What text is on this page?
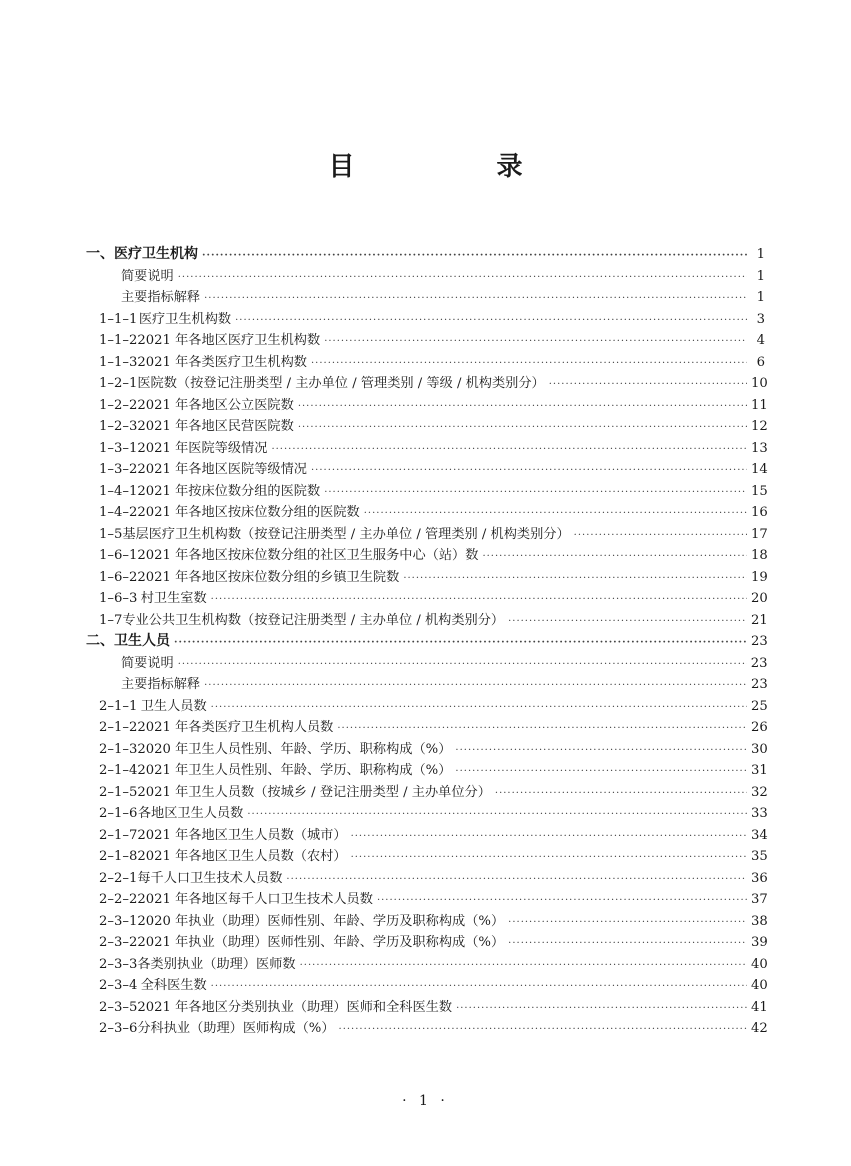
目　录
一、医疗卫生机构 ·····	1
简要说明 ·····	1
主要指标解释 ·····	1
1–1–1 医疗卫生机构数 ·····	3
1–1–2 2021 年各地区医疗卫生机构数 ·····	4
1–1–3 2021 年各类医疗卫生机构数 ·····	6
1–2–1 医院数（按登记注册类型 / 主办单位 / 管理类别 / 等级 / 机构类别分） ·····	10
1–2–2 2021 年各地区公立医院数 ·····	11
1–2–3 2021 年各地区民营医院数 ·····	12
1–3–1 2021 年医院等级情况 ·····	13
1–3–2 2021 年各地区医院等级情况 ·····	14
1–4–1 2021 年按床位数分组的医院数 ·····	15
1–4–2 2021 年各地区按床位数分组的医院数 ·····	16
1–5 基层医疗卫生机构数（按登记注册类型 / 主办单位 / 管理类别 / 机构类别分） ·····	17
1–6–1 2021 年各地区按床位数分组的社区卫生服务中心（站）数 ·····	18
1–6–2 2021 年各地区按床位数分组的乡镇卫生院数 ·····	19
1–6–3 村卫生室数 ·····	20
1–7 专业公共卫生机构数（按登记注册类型 / 主办单位 / 机构类别分） ·····	21
二、卫生人员 ·····	23
简要说明 ·····	23
主要指标解释 ·····	23
2–1–1 卫生人员数 ·····	25
2–1–2 2021 年各类医疗卫生机构人员数 ·····	26
2–1–3 2020 年卫生人员性别、年龄、学历、职称构成（%） ·····	30
2–1–4 2021 年卫生人员性别、年龄、学历、职称构成（%） ·····	31
2–1–5 2021 年卫生人员数（按城乡 / 登记注册类型 / 主办单位分） ·····	32
2–1–6 各地区卫生人员数 ·····	33
2–1–7 2021 年各地区卫生人员数（城市） ·····	34
2–1–8 2021 年各地区卫生人员数（农村） ·····	35
2–2–1 每千人口卫生技术人员数 ·····	36
2–2–2 2021 年各地区每千人口卫生技术人员数 ·····	37
2–3–1 2020 年执业（助理）医师性别、年龄、学历及职称构成（%） ·····	38
2–3–2 2021 年执业（助理）医师性别、年龄、学历及职称构成（%） ·····	39
2–3–3 各类别执业（助理）医师数 ·····	40
2–3–4 全科医生数 ·····	40
2–3–5 2021 年各地区分类别执业（助理）医师和全科医生数 ·····	41
2–3–6 分科执业（助理）医师构成（%） ·····	42
· 1 ·
